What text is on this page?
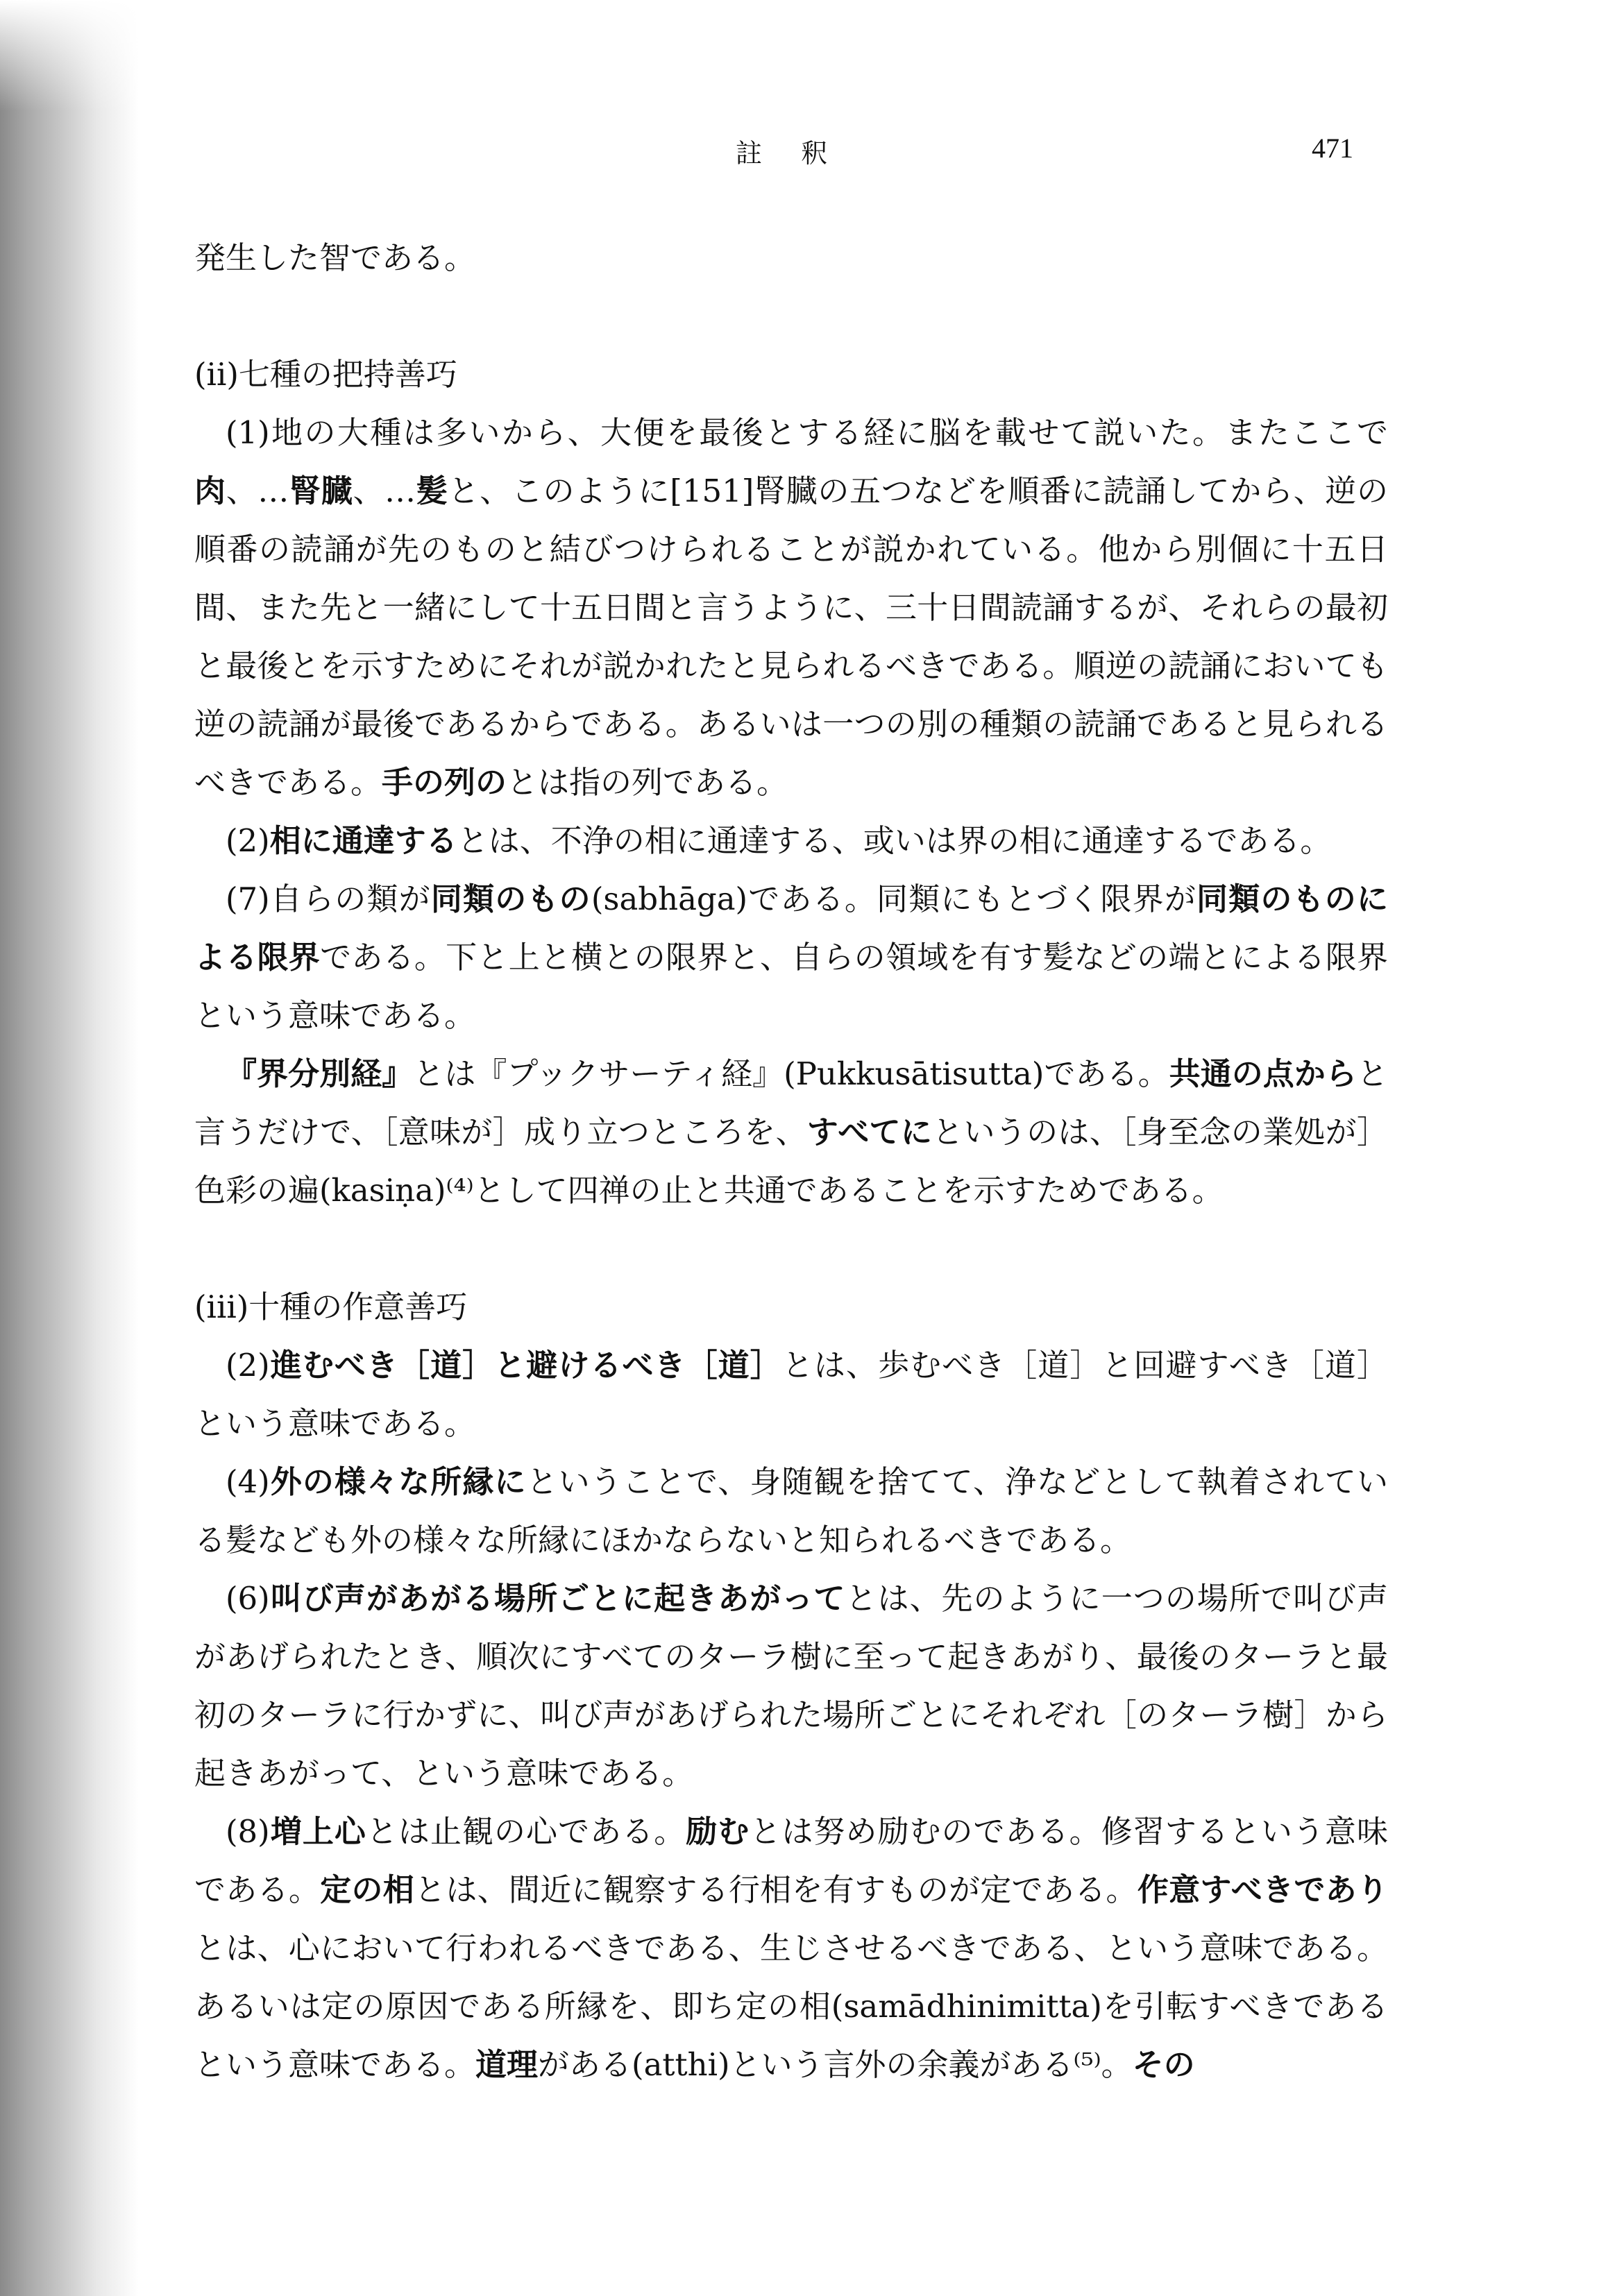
註 釈	471

発生した智である。

(ii)七種の把持善巧

(1)地の大種は多いから、大便を最後とする経に脳を載せて説いた。またここで肉、…腎臓、…髪と、このように[151]腎臓の五つなどを順番に読誦してから、逆の順番の読誦が先のものと結びつけられることが説かれている。他から別個に十五日間、また先と一緒にして十五日間と言うように、三十日間読誦するが、それらの最初と最後とを示すためにそれが説かれたと見られるべきである。順逆の読誦においても逆の読誦が最後であるからである。あるいは一つの別の種類の読誦であると見られるべきである。手の列のとは指の列である。

(2)相に通達するとは、不浄の相に通達する、或いは界の相に通達するである。

(7)自らの類が同類のもの(sabhāga)である。同類にもとづく限界が同類のものによる限界である。下と上と横との限界と、自らの領域を有す髪などの端とによる限界という意味である。

『界分別経』とは『プックサーティ経』(Pukkusātisutta)である。共通の点からと言うだけで、［意味が］成り立つところを、すべてにというのは、［身至念の業処が］色彩の遍(kasiṇa)⁽⁴⁾として四禅の止と共通であることを示すためである。

(iii)十種の作意善巧

(2)進むべき［道］と避けるべき［道］とは、歩むべき［道］と回避すべき［道］という意味である。

(4)外の様々な所縁にということで、身随観を捨てて、浄などとして執着されている髪なども外の様々な所縁にほかならないと知られるべきである。

(6)叫び声があがる場所ごとに起きあがってとは、先のように一つの場所で叫び声があげられたとき、順次にすべてのターラ樹に至って起きあがり、最後のターラと最初のターラに行かずに、叫び声があげられた場所ごとにそれぞれ［のターラ樹］から起きあがって、という意味である。

(8)増上心とは止観の心である。励むとは努め励むのである。修習するという意味である。定の相とは、間近に観察する行相を有すものが定である。作意すべきでありとは、心において行われるべきである、生じさせるべきである、という意味である。あるいは定の原因である所縁を、即ち定の相(samādhinimitta)を引転すべきであるという意味である。道理がある(atthi)という言外の余義がある⁽⁵⁾。その
